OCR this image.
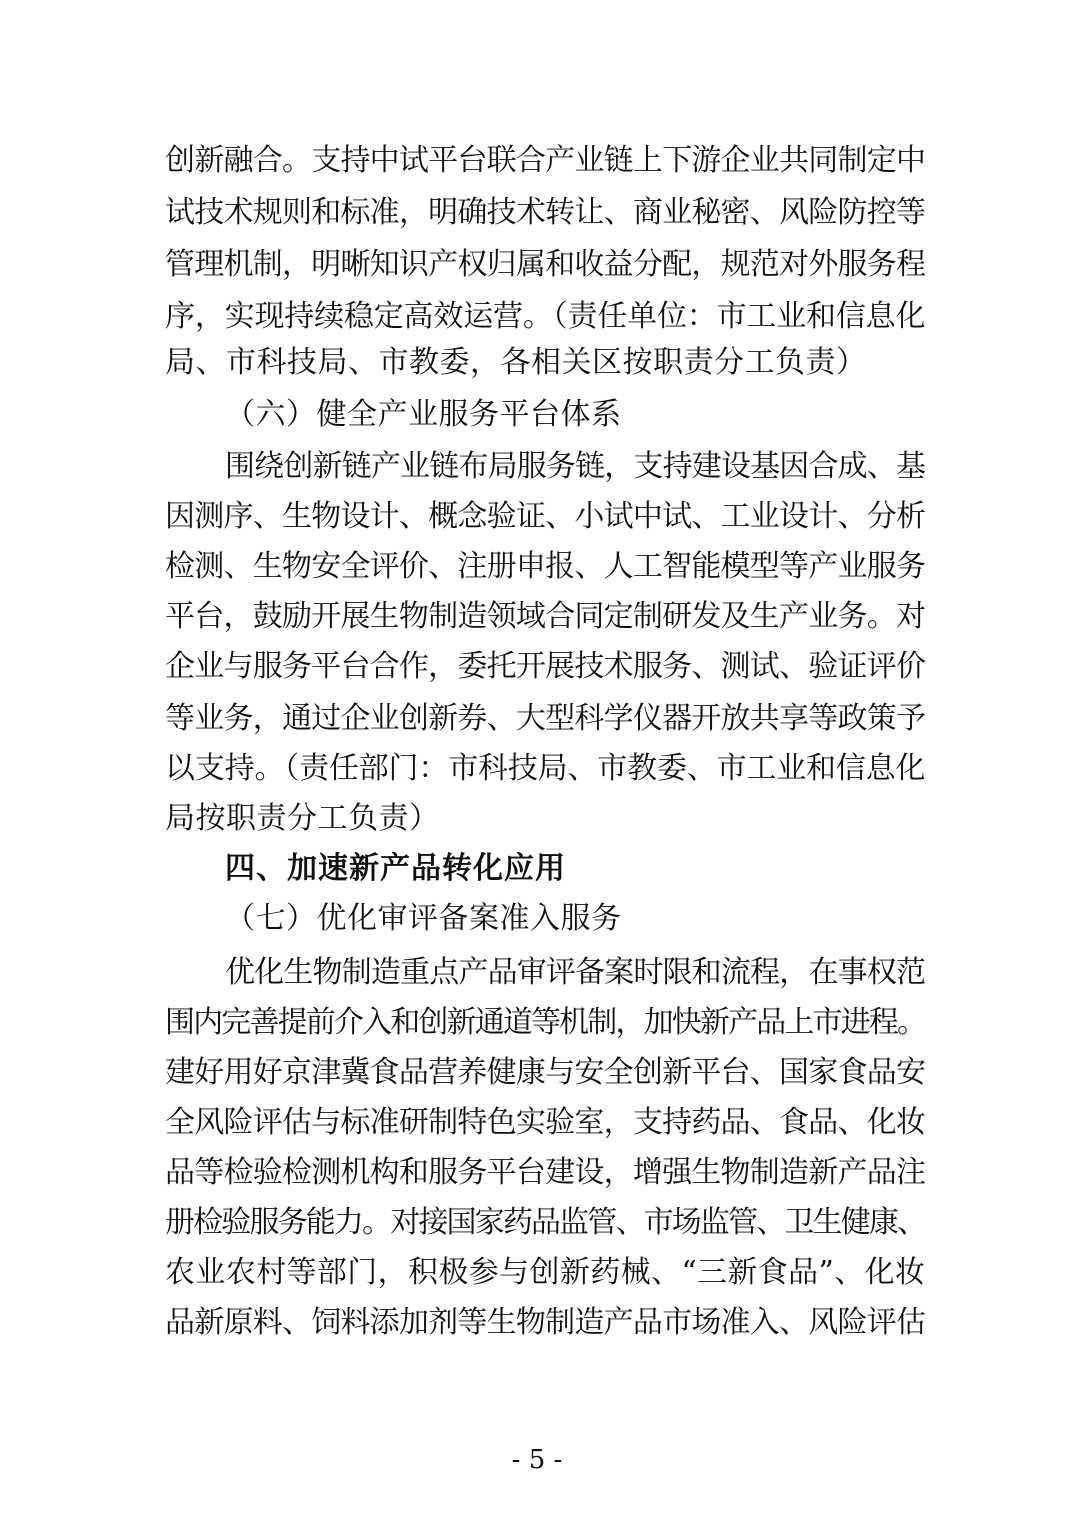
创新融合。支持中试平台联合产业链上下游企业共同制定中
试技术规则和标准，明确技术转让、商业秘密、风险防控等
管理机制，明晰知识产权归属和收益分配，规范对外服务程
序，实现持续稳定高效运营。（责任单位：市工业和信息化
局、市科技局、市教委，各相关区按职责分工负责）
（六）健全产业服务平台体系
围绕创新链产业链布局服务链，支持建设基因合成、基
因测序、生物设计、概念验证、小试中试、工业设计、分析
检测、生物安全评价、注册申报、人工智能模型等产业服务
平台，鼓励开展生物制造领域合同定制研发及生产业务。对
企业与服务平台合作，委托开展技术服务、测试、验证评价
等业务，通过企业创新券、大型科学仪器开放共享等政策予
以支持。（责任部门：市科技局、市教委、市工业和信息化
局按职责分工负责）
四、加速新产品转化应用
（七）优化审评备案准入服务
优化生物制造重点产品审评备案时限和流程，在事权范
围内完善提前介入和创新通道等机制，加快新产品上市进程。
建好用好京津冀食品营养健康与安全创新平台、国家食品安
全风险评估与标准研制特色实验室，支持药品、食品、化妆
品等检验检测机构和服务平台建设，增强生物制造新产品注
册检验服务能力。对接国家药品监管、市场监管、卫生健康、
农业农村等部门，积极参与创新药械、“三新食品”、化妆
品新原料、饲料添加剂等生物制造产品市场准入、风险评估
- 5 -
